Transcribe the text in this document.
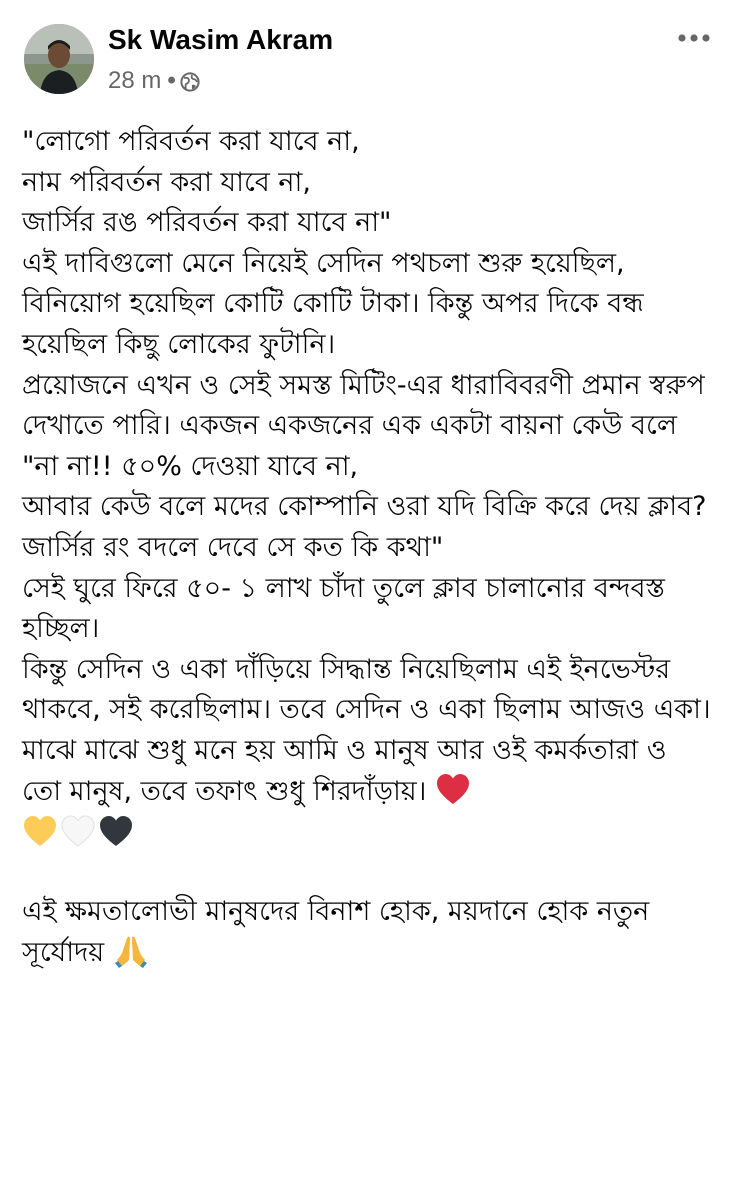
Sk Wasim Akram
28 m •

"লোগো পরিবর্তন করা যাবে না,

নাম পরিবর্তন করা যাবে না,

জার্সির রঙ পরিবর্তন করা যাবে না"

এই দাবিগুলো মেনে নিয়েই সেদিন পথচলা শুরু হয়েছিল, বিনিয়োগ হয়েছিল কোটি কোটি টাকা। কিন্তু অপর দিকে বন্ধ হয়েছিল কিছু লোকের ফুটানি।

প্রয়োজনে এখন ও সেই সমস্ত মিটিং-এর ধারাবিবরণী প্রমান স্বরুপ দেখাতে পারি। একজন একজনের এক একটা বায়না কেউ বলে

"না না!! ৫০% দেওয়া যাবে না,

আবার কেউ বলে মদের কোম্পানি ওরা যদি বিক্রি করে দেয় ক্লাব?

জার্সির রং বদলে দেবে সে কত কি কথা"

সেই ঘুরে ফিরে ৫০- ১ লাখ চাঁদা তুলে ক্লাব চালানোর বন্দবস্ত হচ্ছিল।

কিন্তু সেদিন ও একা দাঁড়িয়ে সিদ্ধান্ত নিয়েছিলাম এই ইনভেস্টর থাকবে, সই করেছিলাম। তবে সেদিন ও একা ছিলাম আজও একা।

মাঝে মাঝে শুধু মনে হয় আমি ও মানুষ আর ওই কমর্কতারা ও তো মানুষ, তবে তফাৎ শুধু শিরদাঁড়ায়।

এই ক্ষমতালোভী মানুষদের বিনাশ হোক, ময়দানে হোক নতুন সূর্যোদয়
